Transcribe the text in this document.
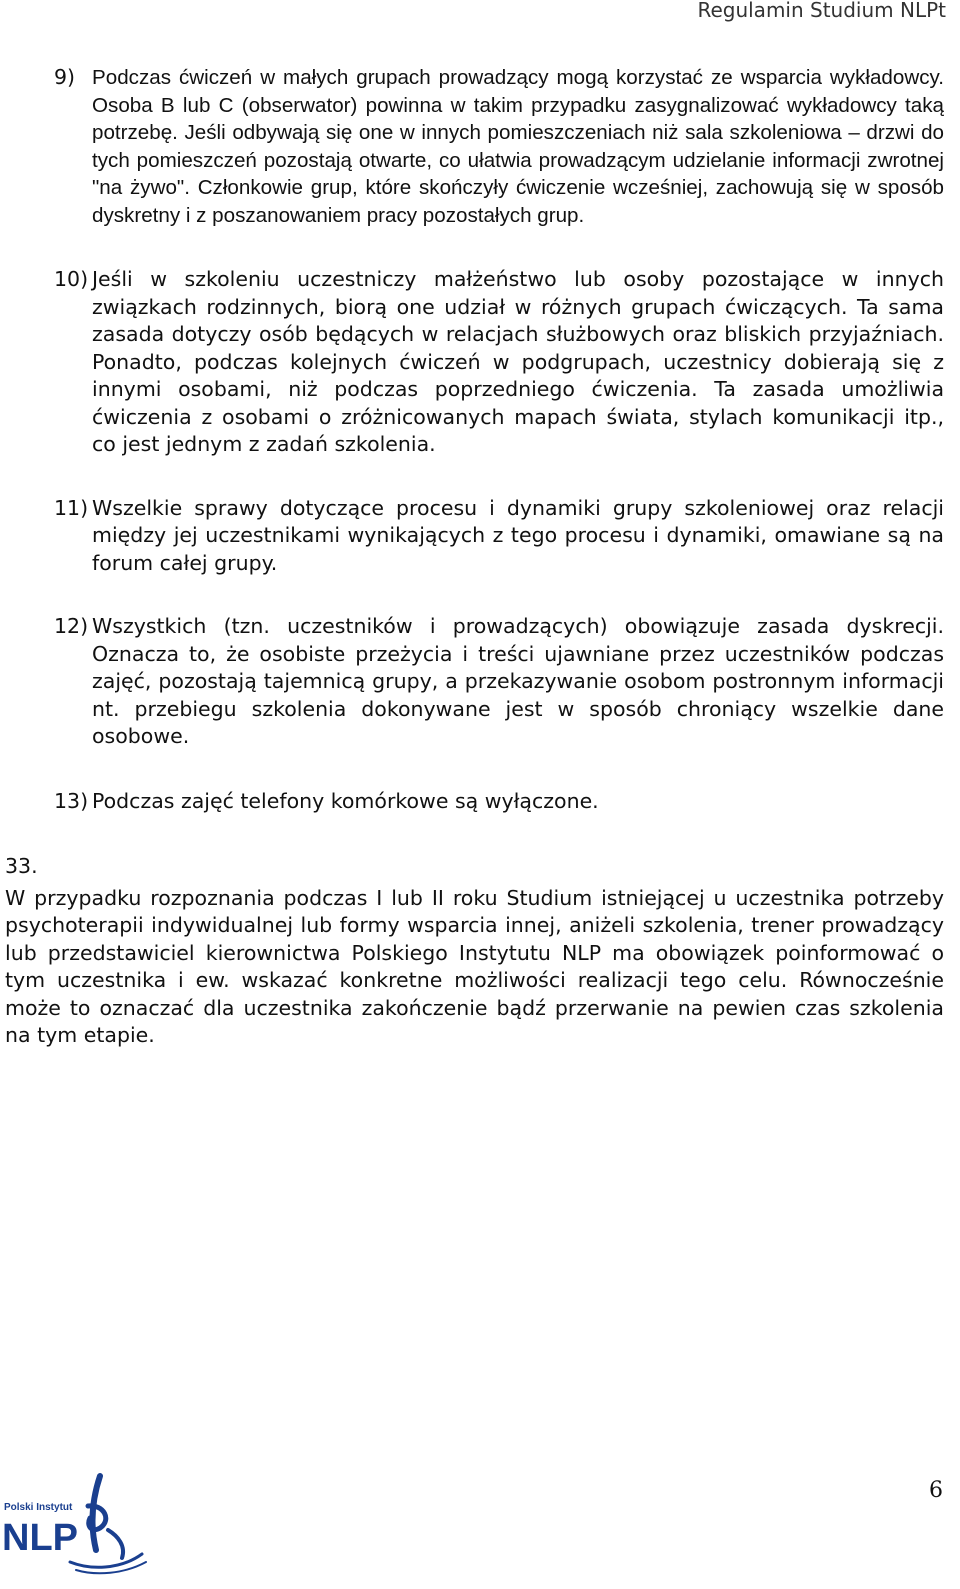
Regulamin Studium NLPt
9) Podczas ćwiczeń w małych grupach prowadzący mogą korzystać ze wsparcia wykładowcy. Osoba B lub C (obserwator) powinna w takim przypadku zasygnalizować wykładowcy taką potrzebę. Jeśli odbywają się one w innych pomieszczeniach niż sala szkoleniowa – drzwi do tych pomieszczeń pozostają otwarte, co ułatwia prowadzącym udzielanie informacji zwrotnej "na żywo". Członkowie grup, które skończyły ćwiczenie wcześniej, zachowują się w sposób dyskretny i z poszanowaniem pracy pozostałych grup.
10) Jeśli w szkoleniu uczestniczy małżeństwo lub osoby pozostające w innych związkach rodzinnych, biorą one udział w różnych grupach ćwiczących. Ta sama zasada dotyczy osób będących w relacjach służbowych oraz bliskich przyjaźniach. Ponadto, podczas kolejnych ćwiczeń w podgrupach, uczestnicy dobierają się z innymi osobami, niż podczas poprzedniego ćwiczenia. Ta zasada umożliwia ćwiczenia z osobami o zróżnicowanych mapach świata, stylach komunikacji itp., co jest jednym z zadań szkolenia.
11) Wszelkie sprawy dotyczące procesu i dynamiki grupy szkoleniowej oraz relacji między jej uczestnikami wynikających z tego procesu i dynamiki, omawiane są na forum całej grupy.
12) Wszystkich (tzn. uczestników i prowadzących) obowiązuje zasada dyskrecji. Oznacza to, że osobiste przeżycia i treści ujawniane przez uczestników podczas zajęć, pozostają tajemnicą grupy, a przekazywanie osobom postronnym informacji nt. przebiegu szkolenia dokonywane jest w sposób chroniący wszelkie dane osobowe.
13) Podczas zajęć telefony komórkowe są wyłączone.
33.
W przypadku rozpoznania podczas I lub II roku Studium istniejącej u uczestnika potrzeby psychoterapii indywidualnej lub formy wsparcia innej, aniżeli szkolenia, trener prowadzący lub przedstawiciel kierownictwa Polskiego Instytutu NLP ma obowiązek poinformować o tym uczestnika i ew. wskazać konkretne możliwości realizacji tego celu. Równocześnie może to oznaczać dla uczestnika zakończenie bądź przerwanie na pewien czas szkolenia na tym etapie.
Polski Instytut
NLP
6
